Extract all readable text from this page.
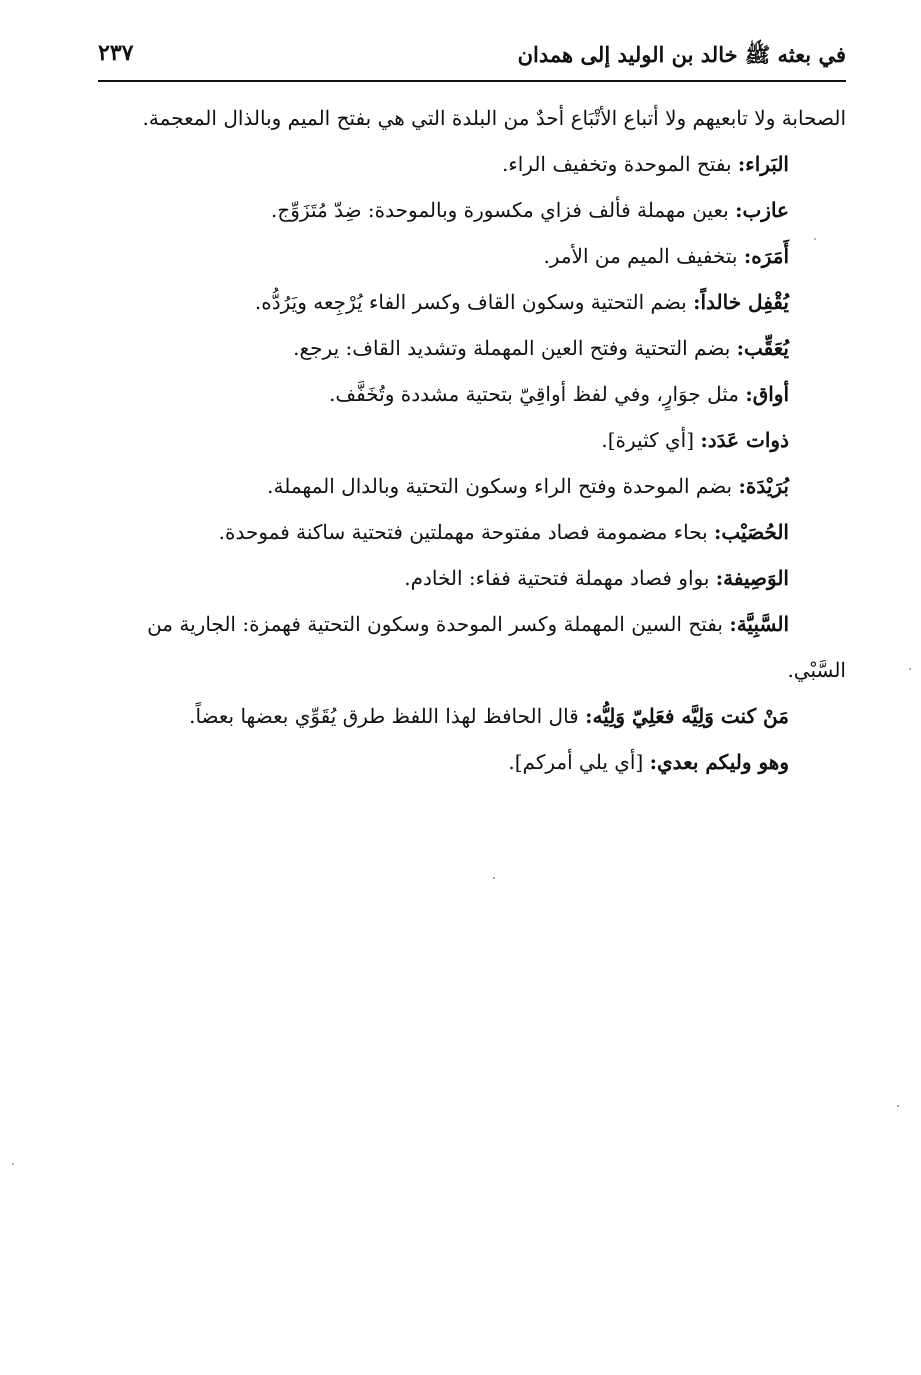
في بعثه ﷺ خالد بن الوليد إلى همدان
٢٣٧

الصحابة ولا تابعيهم ولا أتباع الأتْبَاع أحدٌ من البلدة التي هي بفتح الميم وبالذال المعجمة.

البَراء: بفتح الموحدة وتخفيف الراء.

عازب: بعين مهملة فألف فزاي مكسورة وبالموحدة: ضِدّ مُتَزَوِّج.

أَمَرَه: بتخفيف الميم من الأمر.

يُقْفِل خالداً: بضم التحتية وسكون القاف وكسر الفاء يُرْجِعه ويَرُدُّه.

يُعَقِّب: بضم التحتية وفتح العين المهملة وتشديد القاف: يرجع.

أواق: مثل جوَارٍ، وفي لفظ أواقِيّ بتحتية مشددة وتُخَفَّف.

ذوات عَدَد: [أي كثيرة].

بُرَيْدَة: بضم الموحدة وفتح الراء وسكون التحتية وبالدال المهملة.

الحُصَيْب: بحاء مضمومة فصاد مفتوحة مهملتين فتحتية ساكنة فموحدة.

الوَصِيفة: بواو فصاد مهملة فتحتية ففاء: الخادم.

السَّبِيَّة: بفتح السين المهملة وكسر الموحدة وسكون التحتية فهمزة: الجارية من السَّبْي.

مَنْ كنت وَلِيَّه فعَلِيّ وَلِيُّه: قال الحافظ لهذا اللفظ طرق يُقَوِّي بعضها بعضاً.

وهو وليكم بعدي: [أي يلي أمركم].
